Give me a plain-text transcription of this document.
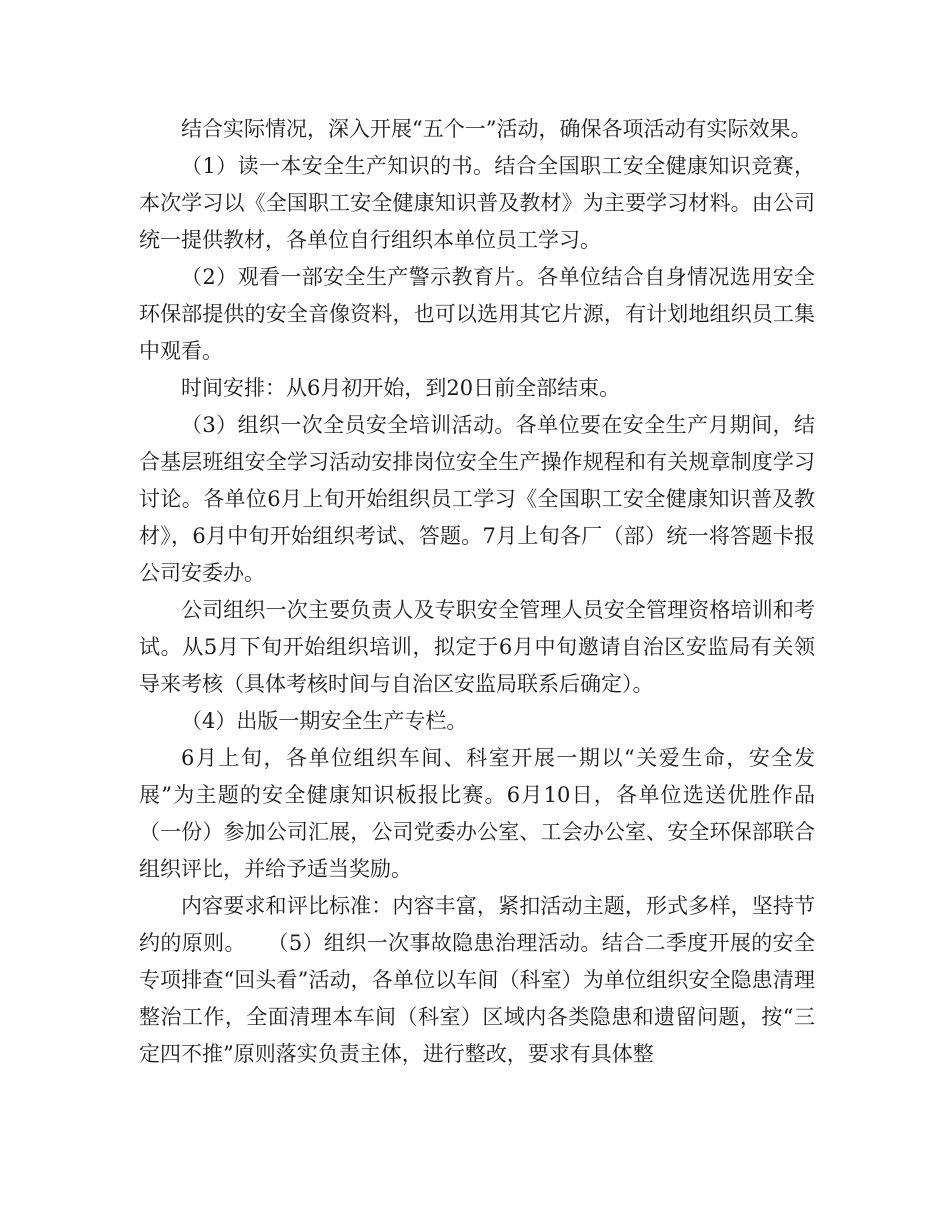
结合实际情况，深入开展“五个一”活动，确保各项活动有实际效果。

（1）读一本安全生产知识的书。结合全国职工安全健康知识竞赛，本次学习以《全国职工安全健康知识普及教材》为主要学习材料。由公司统一提供教材，各单位自行组织本单位员工学习。

（2）观看一部安全生产警示教育片。各单位结合自身情况选用安全环保部提供的安全音像资料，也可以选用其它片源，有计划地组织员工集中观看。

时间安排：从6月初开始，到20日前全部结束。

（3）组织一次全员安全培训活动。各单位要在安全生产月期间，结合基层班组安全学习活动安排岗位安全生产操作规程和有关规章制度学习讨论。各单位6月上旬开始组织员工学习《全国职工安全健康知识普及教材》，6月中旬开始组织考试、答题。7月上旬各厂（部）统一将答题卡报公司安委办。

公司组织一次主要负责人及专职安全管理人员安全管理资格培训和考试。从5月下旬开始组织培训，拟定于6月中旬邀请自治区安监局有关领导来考核（具体考核时间与自治区安监局联系后确定）。

（4）出版一期安全生产专栏。

6月上旬，各单位组织车间、科室开展一期以“关爱生命，安全发展”为主题的安全健康知识板报比赛。6月10日，各单位选送优胜作品（一份）参加公司汇展，公司党委办公室、工会办公室、安全环保部联合组织评比，并给予适当奖励。

内容要求和评比标准：内容丰富，紧扣活动主题，形式多样，坚持节约的原则。　　（5）组织一次事故隐患治理活动。结合二季度开展的安全专项排查“回头看”活动，各单位以车间（科室）为单位组织安全隐患清理整治工作，全面清理本车间（科室）区域内各类隐患和遗留问题，按“三定四不推”原则落实负责主体，进行整改，要求有具体整
